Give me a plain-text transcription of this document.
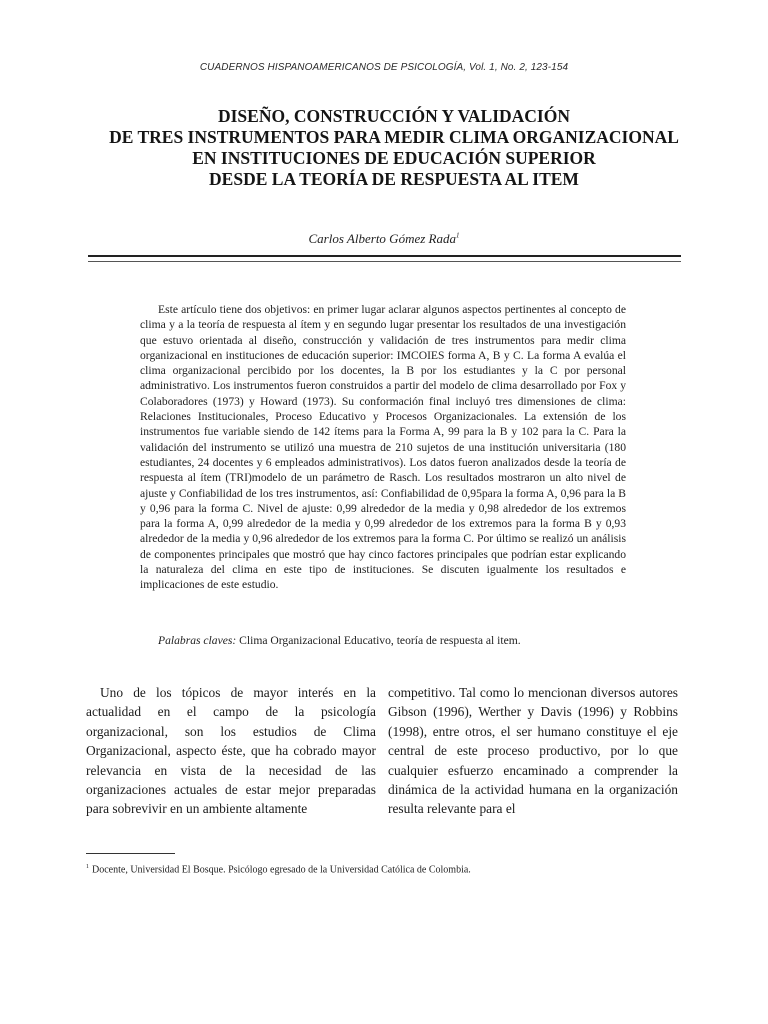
CUADERNOS HISPANOAMERICANOS DE PSICOLOGÍA, Vol. 1, No. 2, 123-154
DISEÑO, CONSTRUCCIÓN Y VALIDACIÓN
DE TRES INSTRUMENTOS PARA MEDIR CLIMA ORGANIZACIONAL
EN INSTITUCIONES DE EDUCACIÓN SUPERIOR
DESDE LA TEORÍA DE RESPUESTA AL ITEM
Carlos Alberto Gómez Rada$^1$

Este artículo tiene dos objetivos: en primer lugar aclarar algunos aspectos pertinentes al concepto de clima y a la teoría de respuesta al ítem y en segundo lugar presentar los resultados de una investigación que estuvo orientada al diseño, construcción y validación de tres instrumentos para medir clima organizacional en instituciones de educación superior: IMCOIES forma A, B y C. La forma A evalúa el clima organizacional percibido por los docentes, la B por los estudiantes y la C por personal administrativo. Los instrumentos fueron construidos a partir del modelo de clima desarrollado por Fox y Colaboradores (1973) y Howard (1973). Su conformación final incluyó tres dimensiones de clima: Relaciones Institucionales, Proceso Educativo y Procesos Organizacionales. La extensión de los instrumentos fue variable siendo de 142 ítems para la Forma A, 99 para la B y 102 para la C. Para la validación del instrumento se utilizó una muestra de 210 sujetos de una institución universitaria (180 estudiantes, 24 docentes y 6 empleados administrativos). Los datos fueron analizados desde la teoría de respuesta al ítem (TRI)modelo de un parámetro de Rasch. Los resultados mostraron un alto nivel de ajuste y Confiabilidad de los tres instrumentos, así: Confiabilidad de 0,95para la forma A, 0,96 para la B y 0,96 para la forma C. Nivel de ajuste: 0,99 alrededor de la media y 0,98 alrededor de los extremos para la forma A, 0,99 alrededor de la media y 0,99 alrededor de los extremos para la forma B y 0,93 alrededor de la media y 0,96 alrededor de los extremos para la forma C. Por último se realizó un análisis de componentes principales que mostró que hay cinco factores principales que podrían estar explicando la naturaleza del clima en este tipo de instituciones. Se discuten igualmente los resultados e implicaciones de este estudio.

Palabras claves: Clima Organizacional Educativo, teoría de respuesta al item.

Uno de los tópicos de mayor interés en la actualidad en el campo de la psicología organizacional, son los estudios de Clima Organizacional, aspecto éste, que ha cobrado mayor relevancia en vista de la necesidad de las organizaciones actuales de estar mejor preparadas para sobrevivir en un ambiente altamente

competitivo. Tal como lo mencionan diversos autores Gibson (1996), Werther y Davis (1996) y Robbins (1998), entre otros, el ser humano constituye el eje central de este proceso productivo, por lo que cualquier esfuerzo encaminado a comprender la dinámica de la actividad humana en la organización resulta relevante para el

$^1$ Docente, Universidad El Bosque. Psicólogo egresado de la Universidad Católica de Colombia.
